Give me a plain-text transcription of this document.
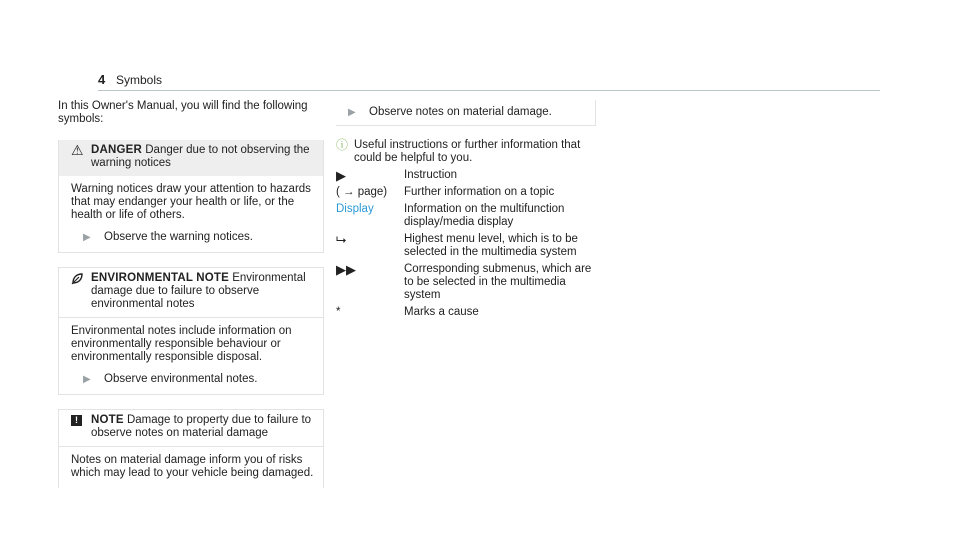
4 Symbols

In this Owner's Manual, you will find the following symbols:

⚠ DANGER Danger due to not observing the warning notices
Warning notices draw your attention to hazards that may endanger your health or life, or the health or life of others.
▶ Observe the warning notices.
ENVIRONMENTAL NOTE Environmental damage due to failure to observe environmental notes
Environmental notes include information on environmentally responsible behaviour or environmentally responsible disposal.
▶ Observe environmental notes.
!	NOTE Damage to property due to failure to observe notes on material damage
Notes on material damage inform you of risks which may lead to your vehicle being damaged.
▶ Observe notes on material damage.
ⓘ Useful instructions or further information that could be helpful to you.
▶	Instruction
( → page)	Further information on a topic
Display	Information on the multifunction display/media display
⮡	Highest menu level, which is to be selected in the multimedia system
▶▶	Corresponding submenus, which are to be selected in the multimedia system
*	Marks a cause
